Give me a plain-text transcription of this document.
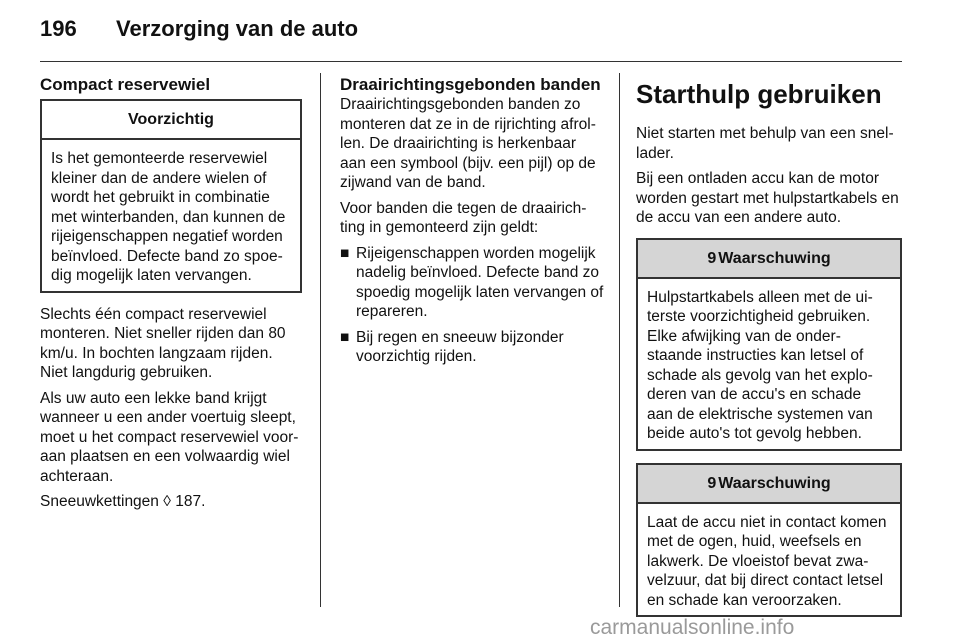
196 Verzorging van de auto
Compact reservewiel
Voorzichtig
Is het gemonteerde reservewiel kleiner dan de andere wielen of wordt het gebruikt in combinatie met winterbanden, dan kunnen de rijeigenschappen negatief worden beïnvloed. Defecte band zo spoe-dig mogelijk laten vervangen.

Slechts één compact reservewiel monteren. Niet sneller rijden dan 80 km/u. In bochten langzaam rijden. Niet langdurig gebruiken.

Als uw auto een lekke band krijgt wanneer u een ander voertuig sleept, moet u het compact reservewiel voor-aan plaatsen en een volwaardig wiel achteraan.

Sneeuwkettingen ◊ 187.

Draairichtingsgebonden banden

Draairichtingsgebonden banden zo monteren dat ze in de rijrichting afrol-len. De draairichting is herkenbaar aan een symbool (bijv. een pijl) op de zijwand van de band.

Voor banden die tegen de draairich-ting in gemonteerd zijn geldt:

■ Rijeigenschappen worden mogelijk nadelig beïnvloed. Defecte band zo spoedig mogelijk laten vervangen of repareren.
■ Bij regen en sneeuw bijzonder voorzichtig rijden.
Starthulp gebruiken

Niet starten met behulp van een snel-lader.

Bij een ontladen accu kan de motor worden gestart met hulpstartkabels en de accu van een andere auto.

9 Waarschuwing
Hulpstartkabels alleen met de ui-terste voorzichtigheid gebruiken. Elke afwijking van de onder-staande instructies kan letsel of schade als gevolg van het explo-deren van de accu's en schade aan de elektrische systemen van beide auto's tot gevolg hebben.
9 Waarschuwing
Laat de accu niet in contact komen met de ogen, huid, weefsels en lakwerk. De vloeistof bevat zwa-velzuur, dat bij direct contact letsel en schade kan veroorzaken.
carmanualsonline.info
